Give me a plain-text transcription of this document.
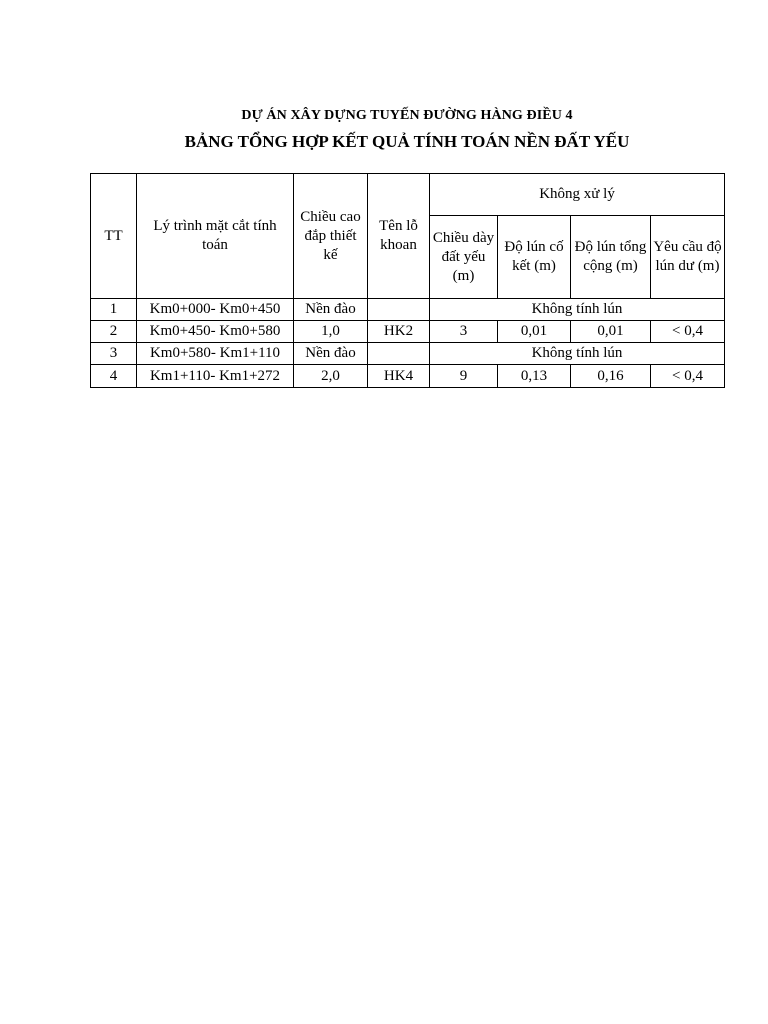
DỰ ÁN XÂY DỰNG TUYẾN ĐƯỜNG HÀNG ĐIỀU 4
BẢNG TỔNG HỢP KẾT QUẢ TÍNH TOÁN NỀN ĐẤT YẾU
TT	Lý trình mặt cắt tính toán	Chiều cao đắp thiết kế	Tên lỗ khoan	Không xử lý			
				Chiều dày đất yếu (m)	Độ lún cố kết (m)	Độ lún tổng cộng (m)	Yêu cầu độ lún dư (m)
1	Km0+000- Km0+450	Nền đào		Không tính lún			
2	Km0+450- Km0+580	1,0	HK2	3	0,01	0,01	< 0,4
3	Km0+580- Km1+110	Nền đào		Không tính lún			
4	Km1+110- Km1+272	2,0	HK4	9	0,13	0,16	< 0,4
